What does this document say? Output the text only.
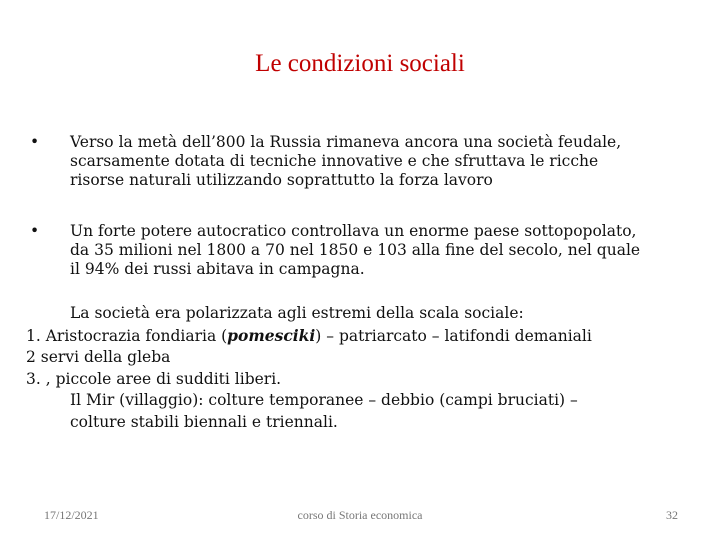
Le condizioni sociali
• Verso la metà dell’800 la Russia rimaneva ancora una società feudale,
scarsamente dotata di tecniche innovative e che sfruttava le ricche
risorse naturali utilizzando soprattutto la forza lavoro
• Un forte potere autocratico controllava un enorme paese sottopopolato,
da 35 milioni nel 1800 a 70 nel 1850 e 103 alla fine del secolo, nel quale
il 94% dei russi abitava in campagna.
La società era polarizzata agli estremi della scala sociale:
1. Aristocrazia fondiaria (pomesciki) – patriarcato – latifondi demaniali
2 servi della gleba
3. , piccole aree di sudditi liberi.
Il Mir (villaggio): colture temporanee – debbio (campi bruciati) –
colture stabili biennali e triennali.
17/12/2021	corso di Storia economica	32
